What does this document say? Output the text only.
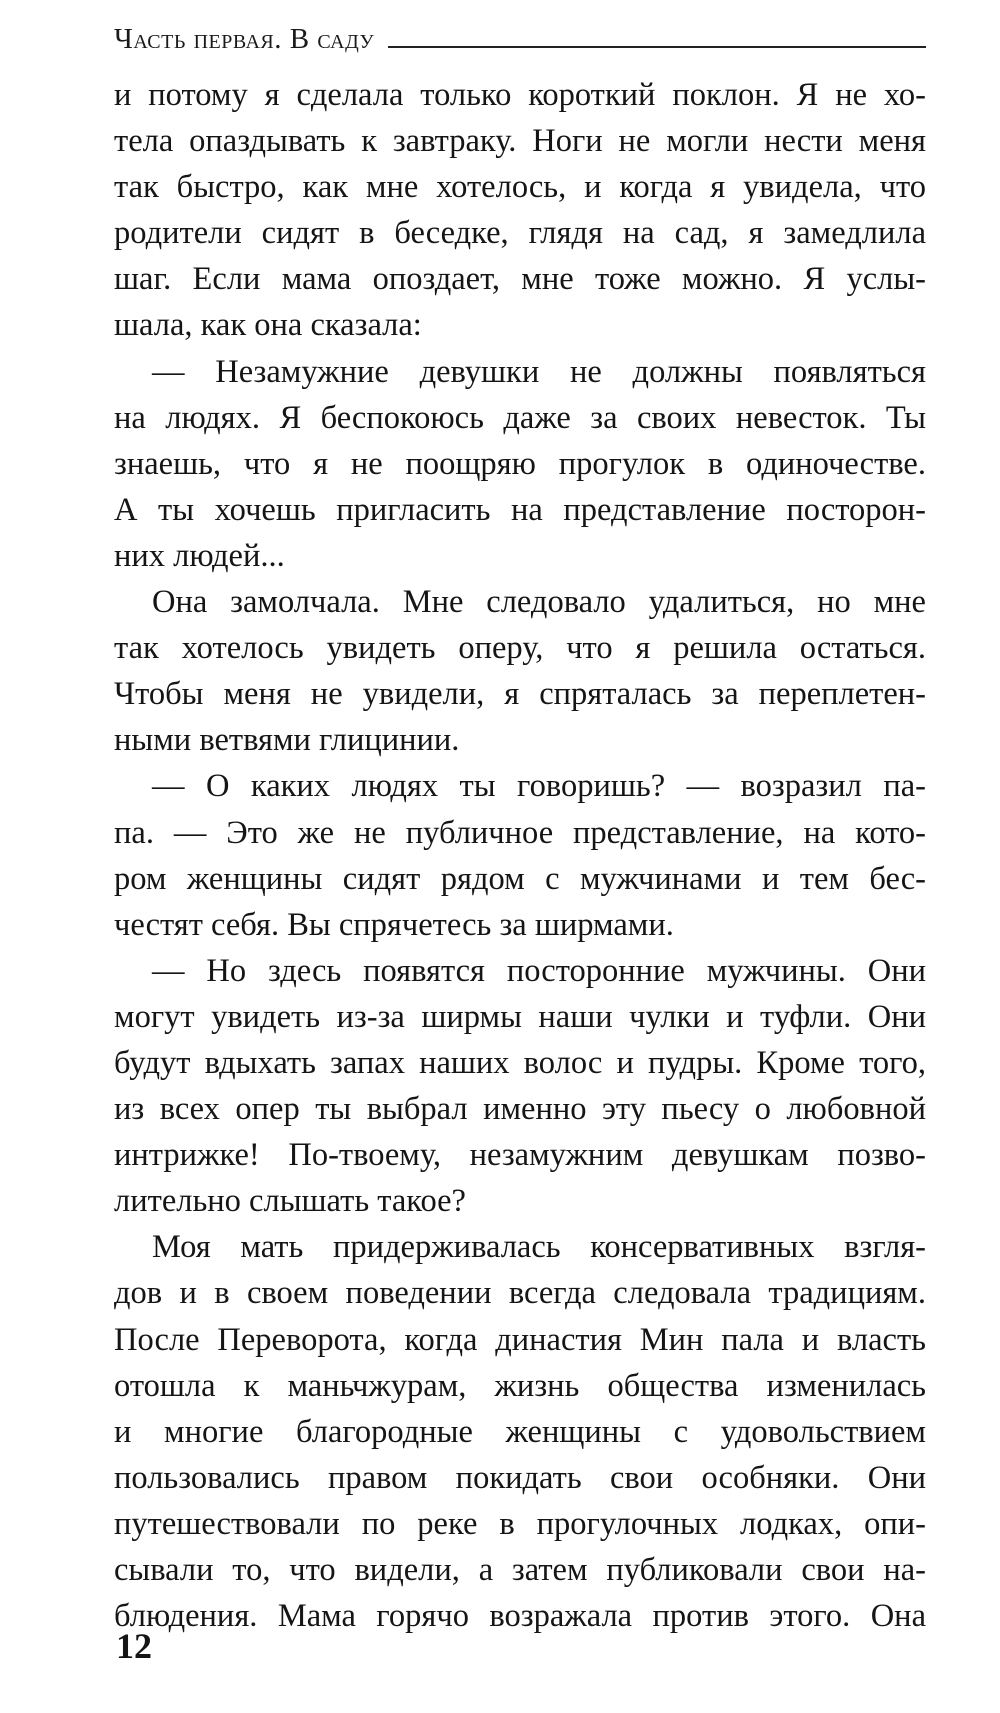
Часть первая. В саду

и потому я сделала только короткий поклон. Я не хо-
тела опаздывать к завтраку. Ноги не могли нести меня
так быстро, как мне хотелось, и когда я увидела, что
родители сидят в беседке, глядя на сад, я замедлила
шаг. Если мама опоздает, мне тоже можно. Я услы-
шала, как она сказала:

— Незамужние девушки не должны появляться
на людях. Я беспокоюсь даже за своих невесток. Ты
знаешь, что я не поощряю прогулок в одиночестве.
А ты хочешь пригласить на представление посторон-
них людей...

Она замолчала. Мне следовало удалиться, но мне
так хотелось увидеть оперу, что я решила остаться.
Чтобы меня не увидели, я спряталась за переплетен-
ными ветвями глицинии.

— О каких людях ты говоришь? — возразил па-
па. — Это же не публичное представление, на кото-
ром женщины сидят рядом с мужчинами и тем бес-
честят себя. Вы спрячетесь за ширмами.

— Но здесь появятся посторонние мужчины. Они
могут увидеть из-за ширмы наши чулки и туфли. Они
будут вдыхать запах наших волос и пудры. Кроме того,
из всех опер ты выбрал именно эту пьесу о любовной
интрижке! По-твоему, незамужним девушкам позво-
лительно слышать такое?

Моя мать придерживалась консервативных взгля-
дов и в своем поведении всегда следовала традициям.
После Переворота, когда династия Мин пала и власть
отошла к маньчжурам, жизнь общества изменилась
и многие благородные женщины с удовольствием
пользовались правом покидать свои особняки. Они
путешествовали по реке в прогулочных лодках, опи-
сывали то, что видели, а затем публиковали свои на-
блюдения. Мама горячо возражала против этого. Она

12
